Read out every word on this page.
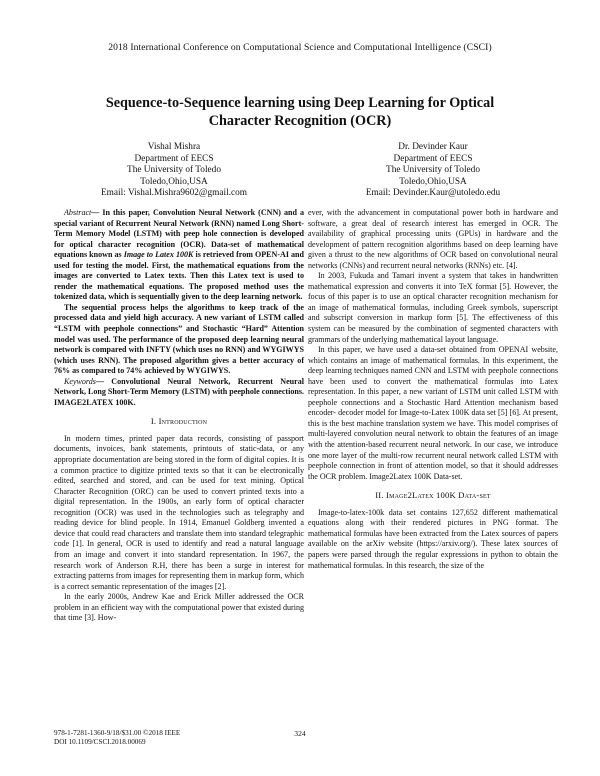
2018 International Conference on Computational Science and Computational Intelligence (CSCI)
Sequence-to-Sequence learning using Deep Learning for Optical
Character Recognition (OCR)
Vishal Mishra
Department of EECS
The University of Toledo
Toledo,Ohio,USA
Email: Vishal.Mishra9602@gmail.com
Dr. Devinder Kaur
Department of EECS
The University of Toledo
Toledo,Ohio,USA
Email: Devinder.Kaur@utoledo.edu

Abstract— In this paper, Convolution Neural Network (CNN) and a special variant of Recurrent Neural Network (RNN) named Long Short-Term Memory Model (LSTM) with peep hole connection is developed for optical character recognition (OCR). Data-set of mathematical equations known as Image to Latex 100K is retrieved from OPEN-AI and used for testing the model. First, the mathematical equations from the images are converted to Latex texts. Then this Latex text is used to render the mathematical equations. The proposed method uses the tokenized data, which is sequentially given to the deep learning network.

The sequential process helps the algorithms to keep track of the processed data and yield high accuracy. A new variant of LSTM called “LSTM with peephole connections” and Stochastic “Hard” Attention model was used. The performance of the proposed deep learning neural network is compared with INFTY (which uses no RNN) and WYGIWYS (which uses RNN). The proposed algorithm gives a better accuracy of 76% as compared to 74% achieved by WYGIWYS.

Keywords— Convolutional Neural Network, Recurrent Neural Network, Long Short-Term Memory (LSTM) with peephole connections. IMAGE2LATEX 100K.

I. Introduction

In modern times, printed paper data records, consisting of passport documents, invoices, bank statements, printouts of static-data, or any appropriate documentation are being stored in the form of digital copies. It is a common practice to digitize printed texts so that it can be electronically edited, searched and stored, and can be used for text mining. Optical Character Recognition (ORC) can be used to convert printed texts into a digital representation. In the 1900s, an early form of optical character recognition (OCR) was used in the technologies such as telegraphy and reading device for blind people. In 1914, Emanuel Goldberg invented a device that could read characters and translate them into standard telegraphic code [1]. In general, OCR is used to identify and read a natural language from an image and convert it into standard representation. In 1967, the research work of Anderson R.H, there has been a surge in interest for extracting patterns from images for representing them in markup form, which is a correct semantic representation of the images [2].

In the early 2000s, Andrew Kae and Erick Miller addressed the OCR problem in an efficient way with the computational power that existed during that time [3]. How-

ever, with the advancement in computational power both in hardware and software, a great deal of research interest has emerged in OCR. The availability of graphical processing units (GPUs) in hardware and the development of pattern recognition algorithms based on deep learning have given a thrust to the new algorithms of OCR based on convolutional neural networks (CNNs) and recurrent neural networks (RNNs) etc. [4].

In 2003, Fukuda and Tamari invent a system that takes in handwritten mathematical expression and converts it into TeX format [5]. However, the focus of this paper is to use an optical character recognition mechanism for an image of mathematical formulas, including Greek symbols, superscript and subscript conversion in markup form [5]. The effectiveness of this system can be measured by the combination of segmented characters with grammars of the underlying mathematical layout language.

In this paper, we have used a data-set obtained from OPENAI website, which contains an image of mathematical formulas. In this experiment, the deep learning techniques named CNN and LSTM with peephole connections have been used to convert the mathematical formulas into Latex representation. In this paper, a new variant of LSTM unit called LSTM with peephole connections and a Stochastic Hard Attention mechanism based encoder- decoder model for Image-to-Latex 100K data set [5] [6]. At present, this is the best machine translation system we have. This model comprises of multi-layered convolution neural network to obtain the features of an image with the attention-based recurrent neural network. In our case, we introduce one more layer of the multi-row recurrent neural network called LSTM with peephole connection in front of attention model, so that it should addresses the OCR problem. Image2Latex 100K Data-set.

II. Image2Latex 100K Data-set

Image-to-latex-100k data set contains 127,652 different mathematical equations along with their rendered pictures in PNG format. The mathematical formulas have been extracted from the Latex sources of papers available on the arXiv website (https://arxiv.org/). These latex sources of papers were parsed through the regular expressions in python to obtain the mathematical formulas. In this research, the size of the

978-1-7281-1360-9/18/$31.00 ©2018 IEEE
DOI 10.1109/CSCI.2018.00069
324
